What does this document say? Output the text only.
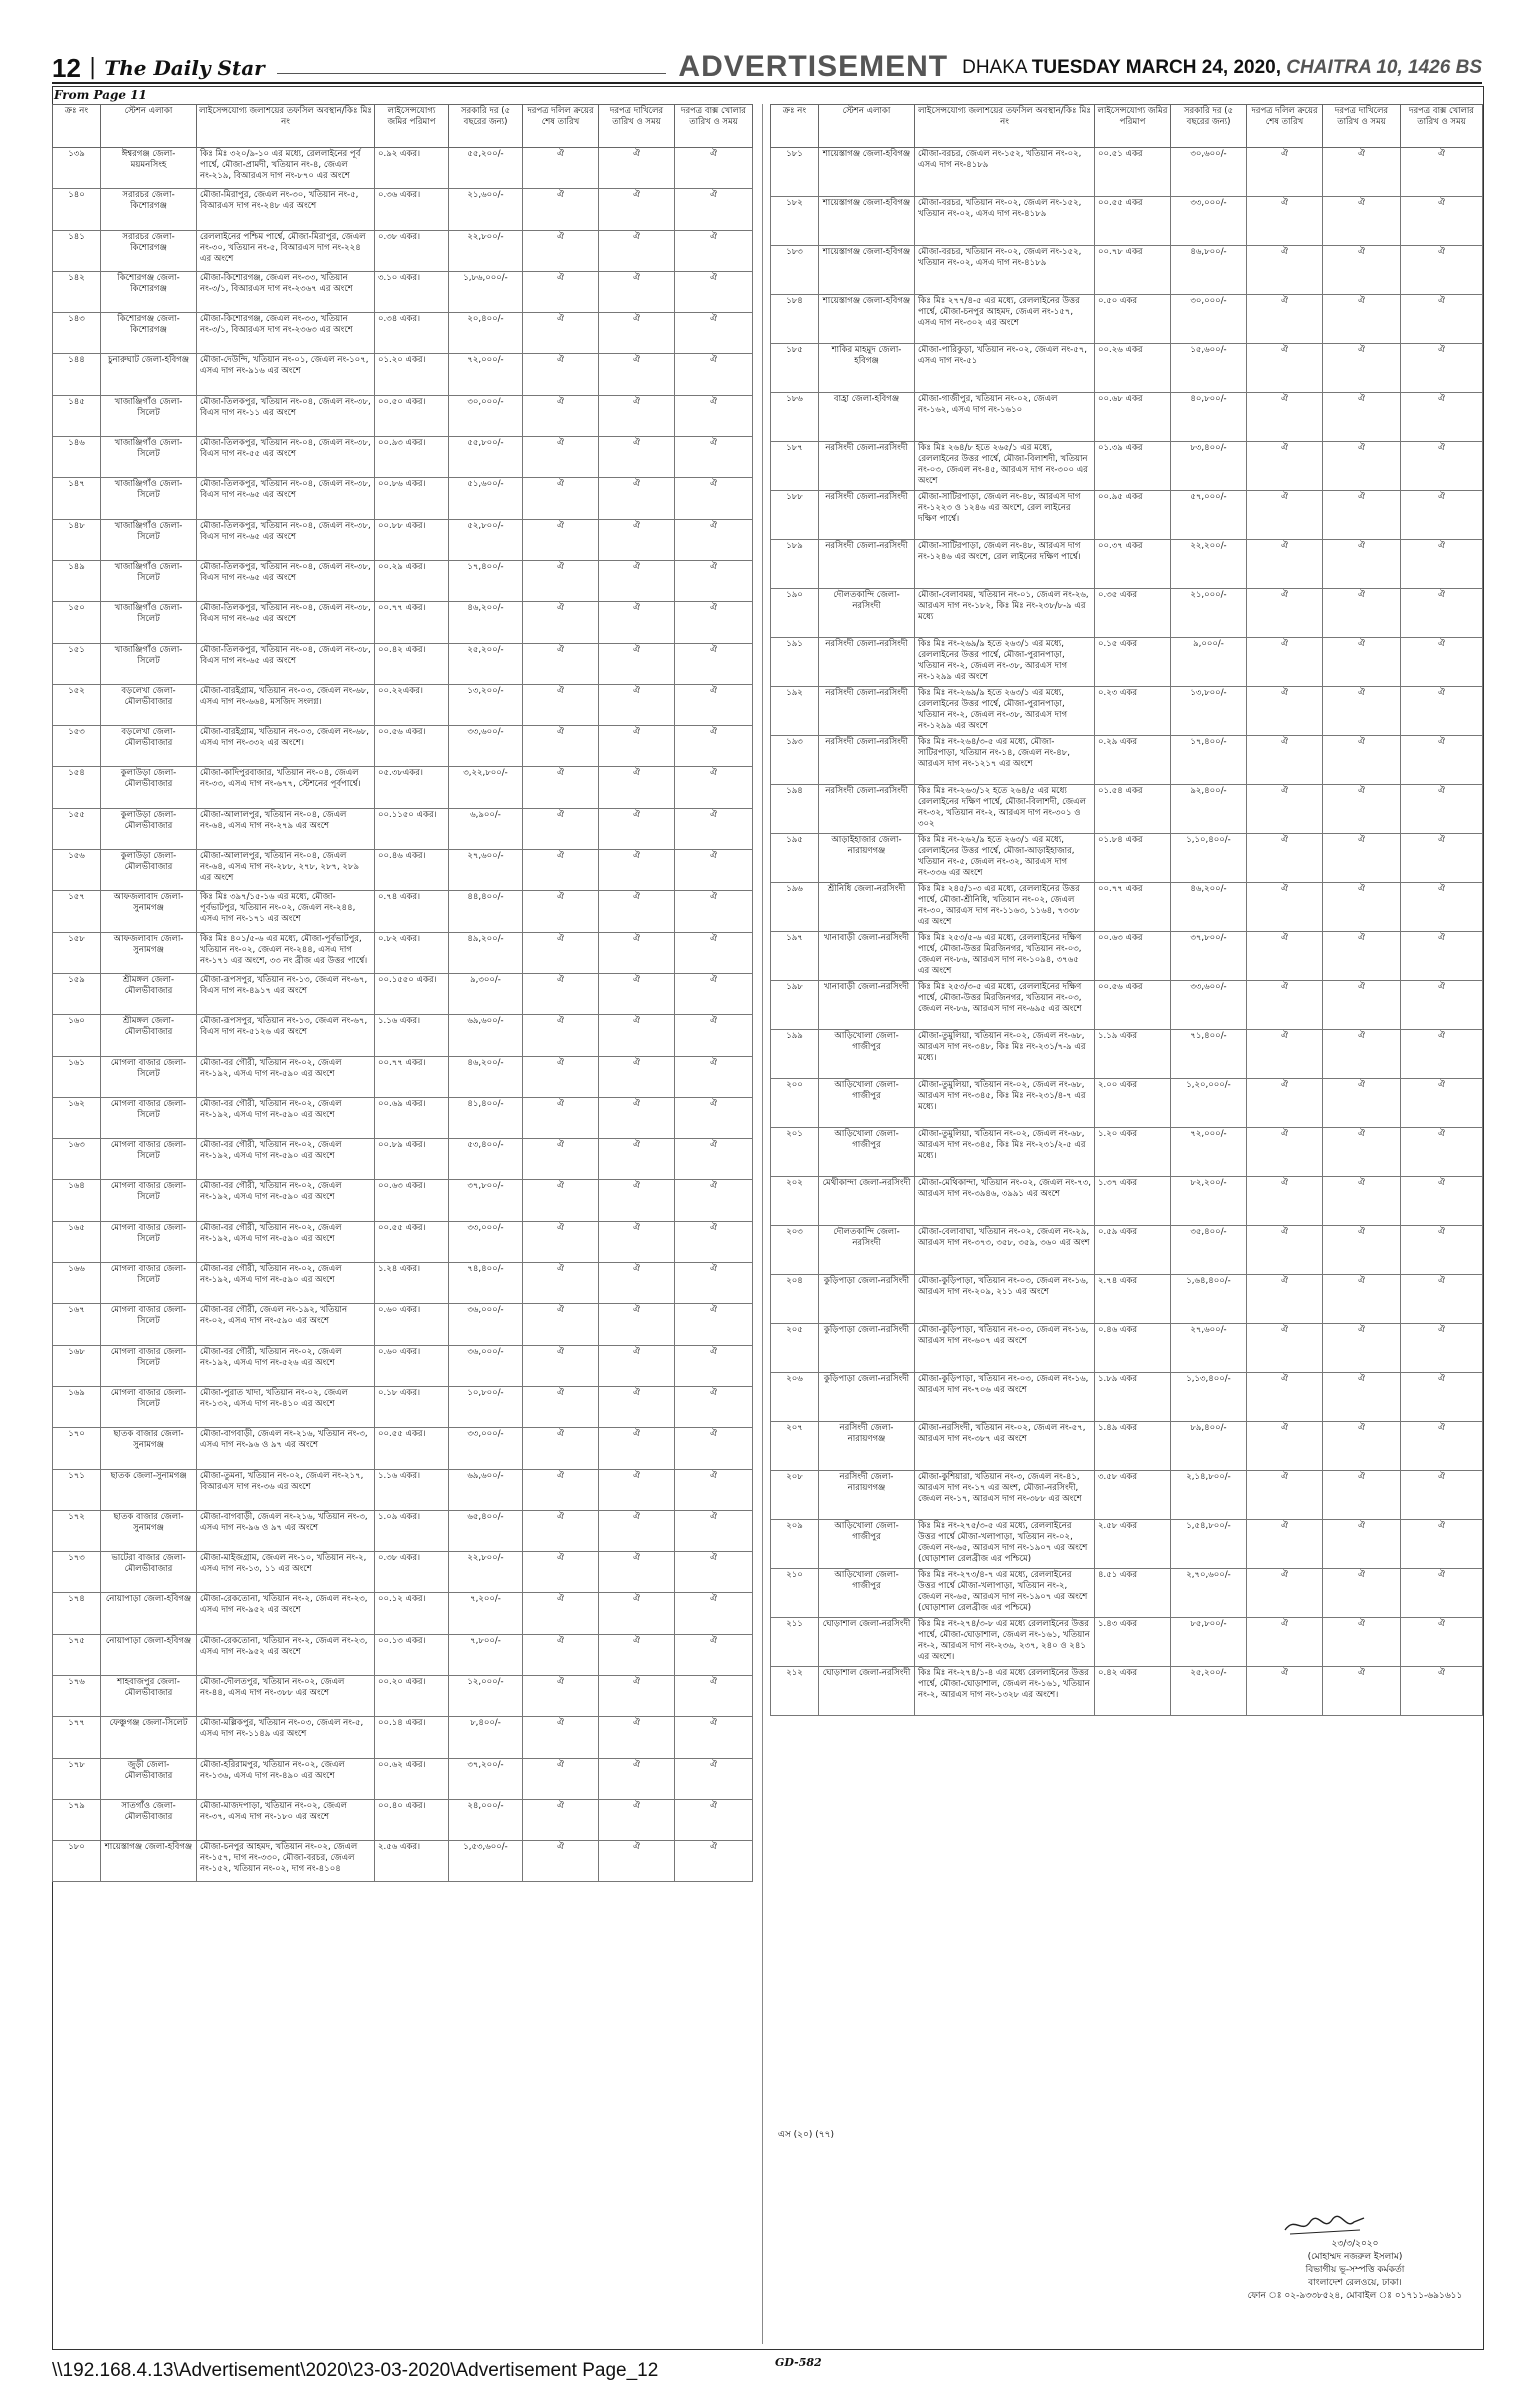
12 | The Daily Star	ADVERTISEMENT DHAKA TUESDAY MARCH 24, 2020, CHAITRA 10, 1426 BS
From Page 11
ক্রঃ নং	স্টেশন এলাকা	লাইসেন্সযোগ্য জলাশয়ের তফসিল অবস্থান/কিঃ মিঃ নং	লাইসেন্সযোগ্য জমির পরিমাপ	সরকারি দর (৫ বছরের জন্য)	দরপত্র দলিল ক্রয়ের শেষ তারিখ	দরপত্র দাখিলের তারিখ ও সময়	দরপত্র বাক্স খোলার তারিখ ও সময়
১৩৯	ঈশ্বরগঞ্জ জেলা-ময়মনসিংহ	কিঃ মিঃ ৩২০/৯-১০ এর মধ্যে, রেললাইনের পূর্ব পার্শ্বে, মৌজা-প্রামদী, খতিয়ান নং-৪, জেএল নং-২১৯, বিআরএস দাগ নং-৮৭০ এর অংশে	০.৯২ একর।	৫৫,২০০/-	ঐ	ঐ	ঐ
১৪০	সরারচর জেলা-কিশোরগঞ্জ	মৌজা-মিরাপুর, জেএল নং-৩০, খতিয়ান নং-৫, বিআরএস দাগ নং-২৪৮ এর অংশে	০.৩৬ একর।	২১,৬০০/-	ঐ	ঐ	ঐ
১৪১	সরারচর জেলা-কিশোরগঞ্জ	রেললাইনের পশ্চিম পার্শ্বে, মৌজা-মিরাপুর, জেএল নং-৩০, খতিয়ান নং-৫, বিআরএস দাগ নং-২২৪ এর অংশে	০.৩৮ একর।	২২,৮০০/-	ঐ	ঐ	ঐ
১৪২	কিশোরগঞ্জ জেলা-কিশোরগঞ্জ	মৌজা-কিশোরগঞ্জ, জেএল নং-৩৩, খতিয়ান নং-৩/১, বিআরএস দাগ নং-২৩৬৭ এর অংশে	৩.১০ একর।	১,৮৬,০০০/-	ঐ	ঐ	ঐ
১৪৩	কিশোরগঞ্জ জেলা-কিশোরগঞ্জ	মৌজা-কিশোরগঞ্জ, জেএল নং-৩৩, খতিয়ান নং-৩/১, বিআরএস দাগ নং-২৩৬৩ এর অংশে	০.৩৪ একর।	২০,৪০০/-	ঐ	ঐ	ঐ
১৪৪	চুনারুঘাট জেলা-হবিগঞ্জ	মৌজা-দেউন্দি, খতিয়ান নং-০১, জেএল নং-১০৭, এসএ দাগ নং-৯১৬ এর অংশে	০১.২০ একর।	৭২,০০০/-	ঐ	ঐ	ঐ
১৪৫	খাজাঞ্জিগাঁও জেলা-সিলেট	মৌজা-তিলকপুর, খতিয়ান নং-০৪, জেএল নং-৩৮, বিএস দাগ নং-১১ এর অংশে	০০.৫০ একর।	৩০,০০০/-	ঐ	ঐ	ঐ
১৪৬	খাজাঞ্জিগাঁও জেলা-সিলেট	মৌজা-তিলকপুর, খতিয়ান নং-০৪, জেএল নং-৩৮, বিএস দাগ নং-৫৫ এর অংশে	০০.৯৩ একর।	৫৫,৮০০/-	ঐ	ঐ	ঐ
১৪৭	খাজাঞ্জিগাঁও জেলা-সিলেট	মৌজা-তিলকপুর, খতিয়ান নং-০৪, জেএল নং-৩৮, বিএস দাগ নং-৬৫ এর অংশে	০০.৮৬ একর।	৫১,৬০০/-	ঐ	ঐ	ঐ
১৪৮	খাজাঞ্জিগাঁও জেলা-সিলেট	মৌজা-তিলকপুর, খতিয়ান নং-০৪, জেএল নং-৩৮, বিএস দাগ নং-৬৫ এর অংশে	০০.৮৮ একর।	৫২,৮০০/-	ঐ	ঐ	ঐ
১৪৯	খাজাঞ্জিগাঁও জেলা-সিলেট	মৌজা-তিলকপুর, খতিয়ান নং-০৪, জেএল নং-৩৮, বিএস দাগ নং-৬৫ এর অংশে	০০.২৯ একর।	১৭,৪০০/-	ঐ	ঐ	ঐ
১৫০	খাজাঞ্জিগাঁও জেলা-সিলেট	মৌজা-তিলকপুর, খতিয়ান নং-০৪, জেএল নং-৩৮, বিএস দাগ নং-৬৫ এর অংশে	০০.৭৭ একর।	৪৬,২০০/-	ঐ	ঐ	ঐ
১৫১	খাজাঞ্জিগাঁও জেলা-সিলেট	মৌজা-তিলকপুর, খতিয়ান নং-০৪, জেএল নং-৩৮, বিএস দাগ নং-৬৫ এর অংশে	০০.৪২ একর।	২৫,২০০/-	ঐ	ঐ	ঐ
১৫২	বড়লেখা জেলা-মৌলভীবাজার	মৌজা-বারইগ্রাম, খতিয়ান নং-০৩, জেএল নং-৬৮, এসএ দাগ নং-৬৬৪, মসজিদ সংলগ্ন।	০০.২২একর।	১৩,২০০/-	ঐ	ঐ	ঐ
১৫৩	বড়লেখা জেলা-মৌলভীবাজার	মৌজা-বারইগ্রাম, খতিয়ান নং-০৩, জেএল নং-৬৮, এসএ দাগ নং-৩৩২ এর অংশে।	০০.৫৬ একর।	৩৩,৬০০/-	ঐ	ঐ	ঐ
১৫৪	কুলাউড়া জেলা-মৌলভীবাজার	মৌজা-কাদিপুরবাজার, খতিয়ান নং-০৪, জেএল নং-৩৩, এসএ দাগ নং-৬৭৭, স্টেশনের পূর্বপার্শ্বে।	০৫.৩৮একর।	৩,২২,৮০০/-	ঐ	ঐ	ঐ
১৫৫	কুলাউড়া জেলা-মৌলভীবাজার	মৌজা-আলালপুর, খতিয়ান নং-০৪, জেএল নং-৬৪, এসএ দাগ নং-২৭৯ এর অংশে	০০.১১৫০ একর।	৬,৯০০/-	ঐ	ঐ	ঐ
১৫৬	কুলাউড়া জেলা-মৌলভীবাজার	মৌজা-আলালপুর, খতিয়ান নং-০৪, জেএল নং-৬৪, এসএ দাগ নং-২৮৮, ২৭৮, ২৮৭, ২৮৯ এর অংশে	০০.৪৬ একর।	২৭,৬০০/-	ঐ	ঐ	ঐ
১৫৭	আফজলাবাদ জেলা-সুনামগঞ্জ	কিঃ মিঃ ৩৯৭/১৫-১৬ এর মধ্যে, মৌজা-পূর্বভাটপুর, খতিয়ান নং-০২, জেএল নং-২৪৪, এসএ দাগ নং-১৭১ এর অংশে	০.৭৪ একর।	৪৪,৪০০/-	ঐ	ঐ	ঐ
১৫৮	আফজলাবাদ জেলা-সুনামগঞ্জ	কিঃ মিঃ ৪০১/৫-৬ এর মধ্যে, মৌজা-পূর্বভাটপুর, খতিয়ান নং-০২, জেএল নং-২৪৪, এসএ দাগ নং-১৭১ এর অংশে, ৩৩ নং ব্রীজ এর উত্তর পার্শ্বে।	০.৮২ একর।	৪৯,২০০/-	ঐ	ঐ	ঐ
১৫৯	শ্রীমঙ্গল জেলা-মৌলভীবাজার	মৌজা-রূপসপুর, খতিয়ান নং-১৩, জেএল নং-৬৭, বিএস দাগ নং-৪৯১৭ এর অংশে	০০.১৫৫০ একর।	৯,৩০০/-	ঐ	ঐ	ঐ
১৬০	শ্রীমঙ্গল জেলা-মৌলভীবাজার	মৌজা-রূপসপুর, খতিয়ান নং-১৩, জেএল নং-৬৭, বিএস দাগ নং-৫১২৬ এর অংশে	১.১৬ একর।	৬৯,৬০০/-	ঐ	ঐ	ঐ
১৬১	মোগলা বাজার জেলা-সিলেট	মৌজা-বর গৌরী, খতিয়ান নং-০২, জেএল নং-১৯২, এসএ দাগ নং-৫৯০ এর অংশে	০০.৭৭ একর।	৪৬,২০০/-	ঐ	ঐ	ঐ
১৬২	মোগলা বাজার জেলা-সিলেট	মৌজা-বর গৌরী, খতিয়ান নং-০২, জেএল নং-১৯২, এসএ দাগ নং-৫৯০ এর অংশে	০০.৬৯ একর।	৪১,৪০০/-	ঐ	ঐ	ঐ
১৬৩	মোগলা বাজার জেলা-সিলেট	মৌজা-বর গৌরী, খতিয়ান নং-০২, জেএল নং-১৯২, এসএ দাগ নং-৫৯০ এর অংশে	০০.৮৯ একর।	৫৩,৪০০/-	ঐ	ঐ	ঐ
১৬৪	মোগলা বাজার জেলা-সিলেট	মৌজা-বর গৌরী, খতিয়ান নং-০২, জেএল নং-১৯২, এসএ দাগ নং-৫৯০ এর অংশে	০০.৬৩ একর।	৩৭,৮০০/-	ঐ	ঐ	ঐ
১৬৫	মোগলা বাজার জেলা-সিলেট	মৌজা-বর গৌরী, খতিয়ান নং-০২, জেএল নং-১৯২, এসএ দাগ নং-৫৯০ এর অংশে	০০.৫৫ একর।	৩৩,০০০/-	ঐ	ঐ	ঐ
১৬৬	মোগলা বাজার জেলা-সিলেট	মৌজা-বর গৌরী, খতিয়ান নং-০২, জেএল নং-১৯২, এসএ দাগ নং-৫৯০ এর অংশে	১.২৪ একর।	৭৪,৪০০/-	ঐ	ঐ	ঐ
১৬৭	মোগলা বাজার জেলা-সিলেট	মৌজা-বর গৌরী, জেএল নং-১৯২, খতিয়ান নং-০২, এসএ দাগ নং-৫৯০ এর অংশে	০.৬০ একর।	৩৬,০০০/-	ঐ	ঐ	ঐ
১৬৮	মোগলা বাজার জেলা-সিলেট	মৌজা-বর গৌরী, খতিয়ান নং-০২, জেএল নং-১৯২, এসএ দাগ নং-৫২৬ এর অংশে	০.৬০ একর।	৩৬,০০০/-	ঐ	ঐ	ঐ
১৬৯	মোগলা বাজার জেলা-সিলেট	মৌজা-পুরাত খাদা, খতিয়ান নং-০২, জেএল নং-১৩২, এসএ দাগ নং-৪১০ এর অংশে	০.১৮ একর।	১০,৮০০/-	ঐ	ঐ	ঐ
১৭০	ছাতক বাজার জেলা-সুনামগঞ্জ	মৌজা-বাগবাড়ী, জেএল নং-২১৬, খতিয়ান নং-৩, এসএ দাগ নং-৯৬ ও ৯৭ এর অংশে	০০.৫৫ একর।	৩৩,০০০/-	ঐ	ঐ	ঐ
১৭১	ছাতক জেলা-সুনামগঞ্জ	মৌজা-তুমনা, খতিয়ান নং-০২, জেএল নং-২১৭, বিআরএস দাগ নং-৩৬ এর অংশে	১.১৬ একর।	৬৯,৬০০/-	ঐ	ঐ	ঐ
১৭২	ছাতক বাজার জেলা-সুনামগঞ্জ	মৌজা-বাগবাড়ী, জেএল নং-২১৬, খতিয়ান নং-৩, এসএ দাগ নং-৯৬ ও ৯৭ এর অংশে	১.০৯ একর।	৬৫,৪০০/-	ঐ	ঐ	ঐ
১৭৩	ভাটেরা বাজার জেলা-মৌলভীবাজার	মৌজা-মাইজগ্রাম, জেএল নং-১০, খতিয়ান নং-২, এসএ দাগ নং-১৩, ১১ এর অংশে	০.৩৮ একর।	২২,৮০০/-	ঐ	ঐ	ঐ
১৭৪	নোয়াপাড়া জেলা-হবিগঞ্জ	মৌজা-রেকতোনা, খতিয়ান নং-২, জেএল নং-২৩, এসএ দাগ নং-৯৫২ এর অংশে	০০.১২ একর।	৭,২০০/-	ঐ	ঐ	ঐ
১৭৫	নোয়াপাড়া জেলা-হবিগঞ্জ	মৌজা-রেকতোনা, খতিয়ান নং-২, জেএল নং-২৩, এসএ দাগ নং-৯৫২ এর অংশে	০০.১৩ একর।	৭,৮০০/-	ঐ	ঐ	ঐ
১৭৬	শাহবাজপুর জেলা-মৌলভীবাজার	মৌজা-দৌলতপুর, খতিয়ান নং-০২, জেএল নং-৪৪, এসএ দাগ নং-৩৮৮ এর অংশে	০০.২০ একর।	১২,০০০/-	ঐ	ঐ	ঐ
১৭৭	ফেঞ্চুগঞ্জ জেলা-সিলেট	মৌজা-মল্লিকপুর, খতিয়ান নং-০৩, জেএল নং-৫, এসএ দাগ নং-১১৪৯ এর অংশে	০০.১৪ একর।	৮,৪০০/-	ঐ	ঐ	ঐ
১৭৮	জুড়ী জেলা-মৌলভীবাজার	মৌজা-হরিরামপুর, খতিয়ান নং-০২, জেএল নং-১৩৬, এসএ দাগ নং-৪৯০ এর অংশে	০০.৬২ একর।	৩৭,২০০/-	ঐ	ঐ	ঐ
১৭৯	সাতগাঁও জেলা-মৌলভীবাজার	মৌজা-মাজদপাড়া, খতিয়ান নং-০২, জেএল নং-৩৭, এসএ দাগ নং-১৮০ এর অংশে	০০.৪০ একর।	২৪,০০০/-	ঐ	ঐ	ঐ
১৮০	শায়েস্তাগঞ্জ জেলা-হবিগঞ্জ	মৌজা-চনপুর আহমদ, খতিয়ান নং-০২, জেএল নং-১৫৭, দাগ নং-৩৩০, মৌজা-বরচর, জেএল নং-১৫২, খতিয়ান নং-০২, দাগ নং-৪১০৪	২.৫৬ একর।	১,৫৩,৬০০/-	ঐ	ঐ	ঐ
ক্রঃ নং	স্টেশন এলাকা	লাইসেন্সযোগ্য জলাশয়ের তফসিল অবস্থান/কিঃ মিঃ নং	লাইসেন্সযোগ্য জমির পরিমাপ	সরকারি দর (৫ বছরের জন্য)	দরপত্র দলিল ক্রয়ের শেষ তারিখ	দরপত্র দাখিলের তারিখ ও সময়	দরপত্র বাক্স খোলার তারিখ ও সময়
১৮১	শায়েস্তাগঞ্জ জেলা-হবিগঞ্জ	মৌজা-বরচর, জেএল নং-১৫২, খতিয়ান নং-০২, এসএ দাগ নং-৪১৮৯	০০.৫১ একর	৩০,৬০০/-	ঐ	ঐ	ঐ
১৮২	শায়েস্তাগঞ্জ জেলা-হবিগঞ্জ	মৌজা-বরচর, খতিয়ান নং-০২, জেএল নং-১৫২, খতিয়ান নং-০২, এসএ দাগ নং-৪১৮৯	০০.৫৫ একর	৩৩,০০০/-	ঐ	ঐ	ঐ
১৮৩	শায়েস্তাগঞ্জ জেলা-হবিগঞ্জ	মৌজা-বরচর, খতিয়ান নং-০২, জেএল নং-১৫২, খতিয়ান নং-০২, এসএ দাগ নং-৪১৮৯	০০.৭৮ একর	৪৬,৮০০/-	ঐ	ঐ	ঐ
১৮৪	শায়েস্তাগঞ্জ জেলা-হবিগঞ্জ	কিঃ মিঃ ২৭৭/৪-৫ এর মধ্যে, রেললাইনের উত্তর পার্শ্বে, মৌজা-চনপুর আহমদ, জেএল নং-১৫৭, এসএ দাগ নং-৩০২ এর অংশে	০.৫০ একর	৩০,০০০/-	ঐ	ঐ	ঐ
১৮৫	শাকির মাহমুদ জেলা-হবিগঞ্জ	মৌজা-পারিকুড়া, খতিয়ান নং-০২, জেএল নং-৫৭, এসএ দাগ নং-৫১	০০.২৬ একর	১৫,৬০০/-	ঐ	ঐ	ঐ
১৮৬	বাহ্রা জেলা-হবিগঞ্জ	মৌজা-গাজীপুর, খতিয়ান নং-০২, জেএল নং-১৬২, এসএ দাগ নং-১৬১০	০০.৬৮ একর	৪০,৮০০/-	ঐ	ঐ	ঐ
১৮৭	নরসিংদী জেলা-নরসিংদী	কিঃ মিঃ ২৬৪/৮ হতে ২৬৫/১ এর মধ্যে, রেললাইনের উত্তর পার্শ্বে, মৌজা-বিলাশদী, খতিয়ান নং-০৩, জেএল নং-৪৫, আরএস দাগ নং-৩০০ এর অংশে	০১.৩৯ একর	৮৩,৪০০/-	ঐ	ঐ	ঐ
১৮৮	নরসিংদী জেলা-নরসিংদী	মৌজা-সাটিরপাড়া, জেএল নং-৪৮, আরএস দাগ নং-১২২৩ ও ১২৪৬ এর অংশে, রেল লাইনের দক্ষিণ পার্শ্বে।	০০.৯৫ একর	৫৭,০০০/-	ঐ	ঐ	ঐ
১৮৯	নরসিংদী জেলা-নরসিংদী	মৌজা-সাটিরপাড়া, জেএল নং-৪৮, আরএস দাগ নং-১২৪৬ এর অংশে, রেল লাইনের দক্ষিণ পার্শ্বে।	০০.৩৭ একর	২২,২০০/-	ঐ	ঐ	ঐ
১৯০	দৌলতকান্দি জেলা-নরসিংদী	মৌজা-বেলাবময়, খতিয়ান নং-০১, জেএল নং-২৬, আরএস দাগ নং-১৮২, কিঃ মিঃ নং-২৩৮/৮-৯ এর মধ্যে	০.৩৫ একর	২১,০০০/-	ঐ	ঐ	ঐ
১৯১	নরসিংদী জেলা-নরসিংদী	কিঃ মিঃ নং-২৬৯/৯ হতে ২৬৩/১ এর মধ্যে, রেললাইনের উত্তর পার্শ্বে, মৌজা-পুরানপাড়া, খতিয়ান নং-২, জেএল নং-৩৮, আরএস দাগ নং-১২৯৯ এর অংশে	০.১৫ একর	৯,০০০/-	ঐ	ঐ	ঐ
১৯২	নরসিংদী জেলা-নরসিংদী	কিঃ মিঃ নং-২৬৯/৯ হতে ২৬৩/১ এর মধ্যে, রেললাইনের উত্তর পার্শ্বে, মৌজা-পুরানপাড়া, খতিয়ান নং-২, জেএল নং-৩৮, আরএস দাগ নং-১২৯৯ এর অংশে	০.২৩ একর	১৩,৮০০/-	ঐ	ঐ	ঐ
১৯৩	নরসিংদী জেলা-নরসিংদী	কিঃ মিঃ নং-২৬৪/৩-৫ এর মধ্যে, মৌজা-সাটিরপাড়া, খতিয়ান নং-১৪, জেএল নং-৪৮, আরএস দাগ নং-১২১৭ এর অংশে	০.২৯ একর	১৭,৪০০/-	ঐ	ঐ	ঐ
১৯৪	নরসিংদী জেলা-নরসিংদী	কিঃ মিঃ নং-২৬৩/১২ হতে ২৬৪/৫ এর মধ্যে রেললাইনের দক্ষিণ পার্শ্বে, মৌজা-বিলাশদী, জেএল নং-৩২, খতিয়ান নং-২, আরএস দাগ নং-৩০১ ও ৩০২	০১.৫৪ একর	৯২,৪০০/-	ঐ	ঐ	ঐ
১৯৫	আড়াইহাজার জেলা-নারায়ণগঞ্জ	কিঃ মিঃ নং-২৬২/৯ হতে ২৬৩/১ এর মধ্যে, রেললাইনের উত্তর পার্শ্বে, মৌজা-আড়াইহাজার, খতিয়ান নং-৫, জেএল নং-৩২, আরএস দাগ নং-৩৩৬ এর অংশে	০১.৮৪ একর	১,১০,৪০০/-	ঐ	ঐ	ঐ
১৯৬	শ্রীনিধি জেলা-নরসিংদী	কিঃ মিঃ ২৪৫/১-৩ এর মধ্যে, রেললাইনের উত্তর পার্শ্বে, মৌজা-শ্রীনিধি, খতিয়ান নং-০২, জেএল নং-৩০, আরএস দাগ নং-১১৬৩, ১১৬৪, ৭৩৩৮ এর অংশে	০০.৭৭ একর	৪৬,২০০/-	ঐ	ঐ	ঐ
১৯৭	খানাবাড়ী জেলা-নরসিংদী	কিঃ মিঃ ২৫৩/৫-৬ এর মধ্যে, রেললাইনের দক্ষিণ পার্শ্বে, মৌজা-উত্তর মিরজিনগর, খতিয়ান নং-০৩, জেএল নং-৮৬, আরএস দাগ নং-১০৯৪, ৩৭৬৫ এর অংশে	০০.৬৩ একর	৩৭,৮০০/-	ঐ	ঐ	ঐ
১৯৮	খানাবাড়ী জেলা-নরসিংদী	কিঃ মিঃ ২৫৩/৩-৫ এর মধ্যে, রেললাইনের দক্ষিণ পার্শ্বে, মৌজা-উত্তর মিরজিনগর, খতিয়ান নং-০৩, জেএল নং-৮৬, আরএস দাগ নং-৬৯৫ এর অংশে	০০.৫৬ একর	৩৩,৬০০/-	ঐ	ঐ	ঐ
১৯৯	আড়িখোলা জেলা-গাজীপুর	মৌজা-তুমুলিয়া, খতিয়ান নং-০২, জেএল নং-৬৮, আরএস দাগ নং-৩৪৮, কিঃ মিঃ নং-২৩১/৭-৯ এর মধ্যে।	১.১৯ একর	৭১,৪০০/-	ঐ	ঐ	ঐ
২০০	আড়িখোলা জেলা-গাজীপুর	মৌজা-তুমুলিয়া, খতিয়ান নং-০২, জেএল নং-৬৮, আরএস দাগ নং-৩৪৫, কিঃ মিঃ নং-২৩১/৪-৭ এর মধ্যে।	২.০০ একর	১,২০,০০০/-	ঐ	ঐ	ঐ
২০১	আড়িখোলা জেলা-গাজীপুর	মৌজা-তুমুলিয়া, খতিয়ান নং-০২, জেএল নং-৬৮, আরএস দাগ নং-৩৪৫, কিঃ মিঃ নং-২৩১/২-৫ এর মধ্যে।	১.২০ একর	৭২,০০০/-	ঐ	ঐ	ঐ
২০২	মেথীকান্দা জেলা-নরসিংদী	মৌজা-মেথিকান্দা, খতিয়ান নং-০২, জেএল নং-৭৩, আরএস দাগ নং-৩৯৪৬, ৩৯৯১ এর অংশে	১.৩৭ একর	৮২,২০০/-	ঐ	ঐ	ঐ
২০৩	দৌলতকান্দি জেলা-নরসিংদী	মৌজা-বেলাবাঘা, খতিয়ান নং-০২, জেএল নং-২৯, আরএস দাগ নং-৩৭৩, ৩৫৮, ৩৫৯, ৩৬০ এর অংশ	০.৫৯ একর	৩৫,৪০০/-	ঐ	ঐ	ঐ
২০৪	কুড়িপাড়া জেলা-নরসিংদী	মৌজা-কুড়িপাড়া, খতিয়ান নং-০৩, জেএল নং-১৬, আরএস দাগ নং-২০৯, ২১১ এর অংশে	২.৭৪ একর	১,৬৪,৪০০/-	ঐ	ঐ	ঐ
২০৫	কুড়িপাড়া জেলা-নরসিংদী	মৌজা-কুড়িপাড়া, খতিয়ান নং-০৩, জেএল নং-১৬, আরএস দাগ নং-৬০৭ এর অংশে	০.৪৬ একর	২৭,৬০০/-	ঐ	ঐ	ঐ
২০৬	কুড়িপাড়া জেলা-নরসিংদী	মৌজা-কুড়িপাড়া, খতিয়ান নং-০৩, জেএল নং-১৬, আরএস দাগ নং-৭০৬ এর অংশে	১.৮৯ একর	১,১৩,৪০০/-	ঐ	ঐ	ঐ
২০৭	নরসিংদী জেলা-নারায়ণগঞ্জ	মৌজা-নরসিংদী, খতিয়ান নং-০২, জেএল নং-৫৭, আরএস দাগ নং-৩৮৭ এর অংশে	১.৪৯ একর	৮৯,৪০০/-	ঐ	ঐ	ঐ
২০৮	নরসিংদী জেলা-নারায়ণগঞ্জ	মৌজা-কুশিয়ারা, খতিয়ান নং-৩, জেএল নং-৪১, আরএস দাগ নং-১৭ এর অংশ, মৌজা-নরসিংদী, জেএল নং-১৭, আরএস দাগ নং-৩৮৮ এর অংশে	৩.৫৮ একর	২,১৪,৮০০/-	ঐ	ঐ	ঐ
২০৯	আড়িখোলা জেলা-গাজীপুর	কিঃ মিঃ নং-২৭৫/৩-৫ এর মধ্যে, রেললাইনের উত্তর পার্শ্বে মৌজা-খলাপাড়া, খতিয়ান নং-০২, জেএল নং-৬৫, আরএস দাগ নং-১৯০৭ এর অংশে (ঘোড়াশাল রেলব্রীজ এর পশ্চিমে)	২.৫৮ একর	১,৫৪,৮০০/-	ঐ	ঐ	ঐ
২১০	আড়িখোলা জেলা-গাজীপুর	কিঃ মিঃ নং-২৭৩/৪-৭ এর মধ্যে, রেললাইনের উত্তর পার্শ্বে মৌজা-খলাপাড়া, খতিয়ান নং-২, জেএল নং-৬৫, আরএস দাগ নং-১৯০৭ এর অংশে (ঘোড়াশাল রেলব্রীজ এর পশ্চিমে)	৪.৫১ একর	২,৭০,৬০০/-	ঐ	ঐ	ঐ
২১১	ঘোড়াশাল জেলা-নরসিংদী	কিঃ মিঃ নং-২৭৪/৩-৮ এর মধ্যে রেললাইনের উত্তর পার্শ্বে, মৌজা-ঘোড়াশাল, জেএল নং-১৬১, খতিয়ান নং-২, আরএস দাগ নং-২৩৬, ২৩৭, ২৪০ ও ২৪১ এর অংশে।	১.৪৩ একর	৮৫,৮০০/-	ঐ	ঐ	ঐ
২১২	ঘোড়াশাল জেলা-নরসিংদী	কিঃ মিঃ নং-২৭৪/১-৪ এর মধ্যে রেললাইনের উত্তর পার্শ্বে, মৌজা-ঘোড়াশাল, জেএল নং-১৬১, খতিয়ান নং-২, আরএস দাগ নং-১৩২৮ এর অংশে।	০.৪২ একর	২৫,২০০/-	ঐ	ঐ	ঐ
এস (২০) (৭৭)
২৩/৩/২০২০
(মোহাম্মদ নজরুল ইসলাম)
বিভাগীয় ভূ-সম্পত্তি কর্মকর্তা
বাংলাদেশ রেলওয়ে, ঢাকা।
ফোন ঃ ০২-৯৩৩৮৫২৪, মোবাইল ঃ ০১৭১১-৬৯১৬১১
GD-582
\\192.168.4.13\Advertisement\2020\23-03-2020\Advertisement Page_12
